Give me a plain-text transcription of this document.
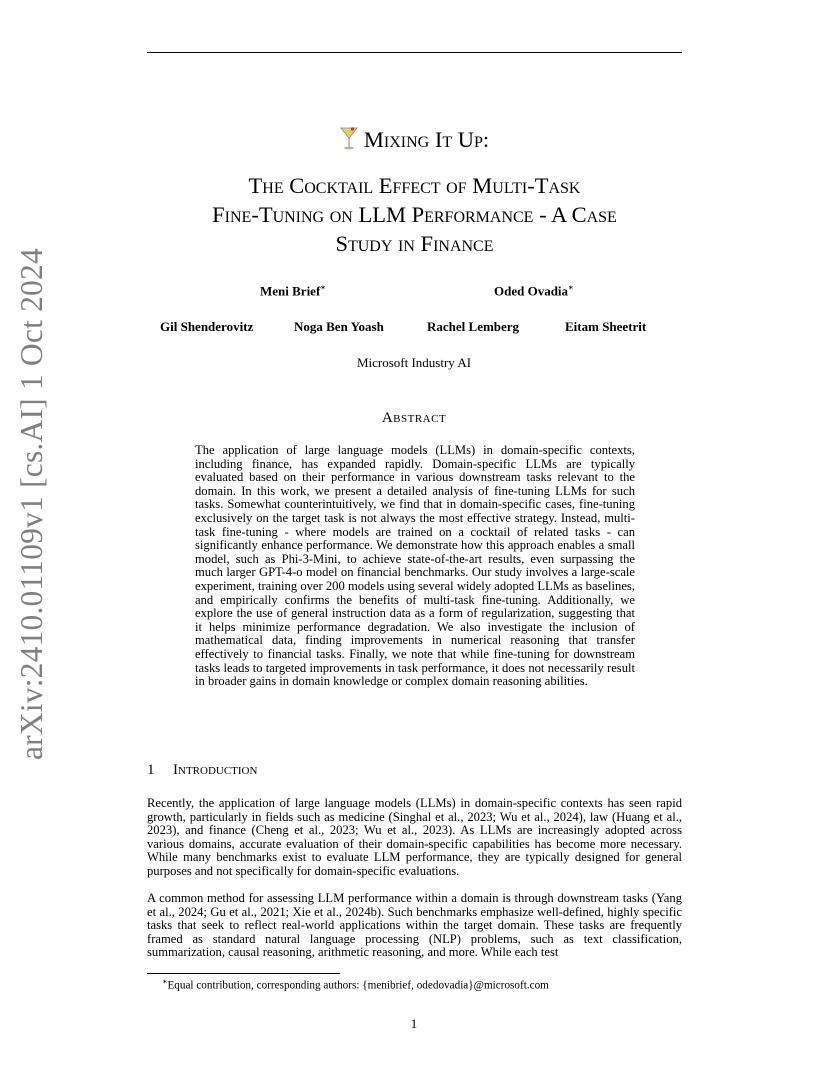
arXiv:2410.01109v1 [cs.AI] 1 Oct 2024
Mixing It Up:
The Cocktail Effect of Multi-Task
Fine-Tuning on LLM Performance - A Case
Study in Finance
Meni Brief∗	Oded Ovadia∗
Gil Shenderovitz	Noga Ben Yoash	Rachel Lemberg	Eitam Sheetrit
Microsoft Industry AI
Abstract
The application of large language models (LLMs) in domain-specific contexts, including finance, has expanded rapidly. Domain-specific LLMs are typically evaluated based on their performance in various downstream tasks relevant to the domain. In this work, we present a detailed analysis of fine-tuning LLMs for such tasks. Somewhat counterintuitively, we find that in domain-specific cases, fine-tuning exclusively on the target task is not always the most effective strategy. Instead, multi-task fine-tuning - where models are trained on a cocktail of related tasks - can significantly enhance performance. We demonstrate how this approach enables a small model, such as Phi-3-Mini, to achieve state-of-the-art results, even surpassing the much larger GPT-4-o model on financial benchmarks. Our study involves a large-scale experiment, training over 200 models using several widely adopted LLMs as baselines, and empirically confirms the benefits of multi-task fine-tuning. Additionally, we explore the use of general instruction data as a form of regularization, suggesting that it helps minimize performance degradation. We also investigate the inclusion of mathematical data, finding improvements in numerical reasoning that transfer effectively to financial tasks. Finally, we note that while fine-tuning for downstream tasks leads to targeted improvements in task performance, it does not necessarily result in broader gains in domain knowledge or complex domain reasoning abilities.
1 Introduction
Recently, the application of large language models (LLMs) in domain-specific contexts has seen rapid growth, particularly in fields such as medicine (Singhal et al., 2023; Wu et al., 2024), law (Huang et al., 2023), and finance (Cheng et al., 2023; Wu et al., 2023). As LLMs are increasingly adopted across various domains, accurate evaluation of their domain-specific capabilities has become more necessary. While many benchmarks exist to evaluate LLM performance, they are typically designed for general purposes and not specifically for domain-specific evaluations.
A common method for assessing LLM performance within a domain is through downstream tasks (Yang et al., 2024; Gu et al., 2021; Xie et al., 2024b). Such benchmarks emphasize well-defined, highly specific tasks that seek to reflect real-world applications within the target domain. These tasks are frequently framed as standard natural language processing (NLP) problems, such as text classification, summarization, causal reasoning, arithmetic reasoning, and more. While each test
∗Equal contribution, corresponding authors: {menibrief, odedovadia}@microsoft.com
1
